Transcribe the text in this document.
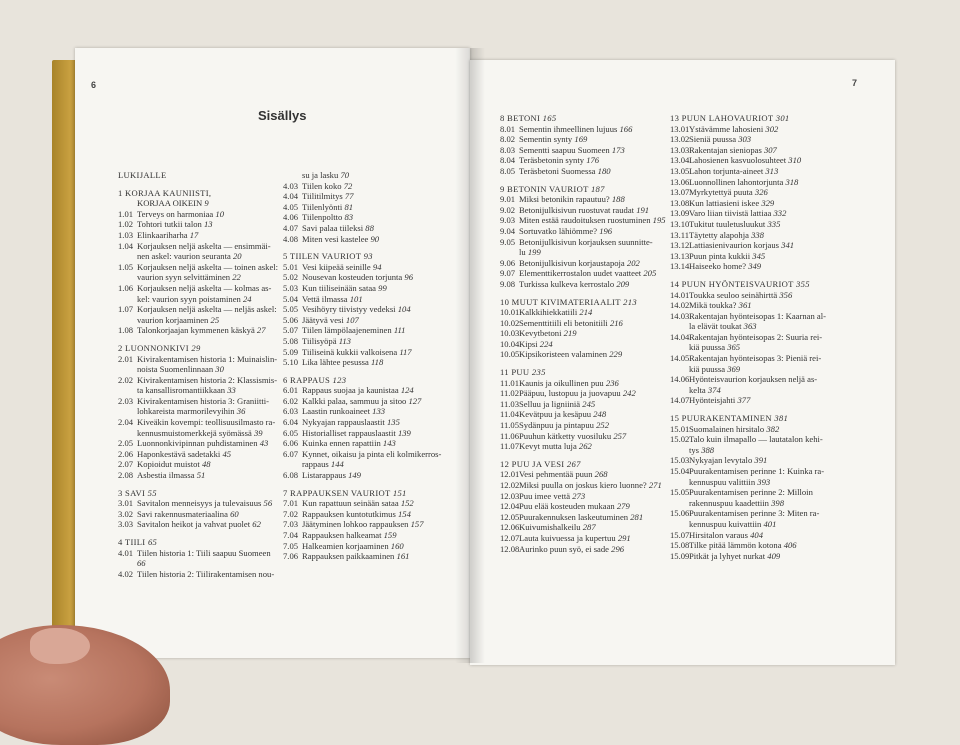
6	7
Sisällys
LUKIJALLE
1 KORJAA KAUNIISTI,
KORJAA OIKEIN 9
1.01 Terveys on harmoniaa 10
1.02 Tohtori tutkii talon 13
1.03 Elinkaariharha 17
1.04 Korjauksen neljä askelta — ensimmäi-
nen askel: vaurion seuranta 20
1.05 Korjauksen neljä askelta — toinen askel:
vaurion syyn selvittäminen 22
1.06 Korjauksen neljä askelta — kolmas as-
kel: vaurion syyn poistaminen 24
1.07 Korjauksen neljä askelta — neljäs askel:
vaurion korjaaminen 25
1.08 Talonkorjaajan kymmenen käskyä 27
2 LUONNONKIVI 29
2.01 Kivirakentamisen historia 1: Muinaislin-
noista Suomenlinnaan 30
2.02 Kivirakentamisen historia 2: Klassismis-
ta kansallisromantiikkaan 33
2.03 Kivirakentamisen historia 3: Graniitti-
lohkareista marmorilevyihin 36
2.04 Kiveäkin kovempi: teollisuusilmasto ra-
kennusmuistomerkkejä syömässä 39
2.05 Luonnonkivipinnan puhdistaminen 43
2.06 Haponkestävä sadetakki 45
2.07 Kopioidut muistot 48
2.08 Asbestia ilmassa 51
3 SAVI 55
3.01 Savitalon menneisyys ja tulevaisuus 56
3.02 Savi rakennusmateriaalina 60
3.03 Savitalon heikot ja vahvat puolet 62
4 TIILI 65
4.01 Tiilen historia 1: Tiili saapuu Suomeen 66
4.02 Tiilen historia 2: Tiilirakentamisen nou-
su ja lasku 70
4.03 Tiilen koko 72
4.04 Tiilitilmitys 77
4.05 Tiilenlyönti 81
4.06 Tiilenpoltto 83
4.07 Savi palaa tiileksi 88
4.08 Miten vesi kastelee 90
5 TIILEN VAURIOT 93
5.01 Vesi kiipeää seinille 94
5.02 Nousevan kosteuden torjunta 96
5.03 Kun tiiliseinään sataa 99
5.04 Vettä ilmassa 101
5.05 Vesihöyry tiivistyy vedeksi 104
5.06 Jäätyvä vesi 107
5.07 Tiilen lämpölaajeneminen 111
5.08 Tiilisyöpä 113
5.09 Tiiliseinä kukkii valkoisena 117
5.10 Lika lähtee pesussa 118
6 RAPPAUS 123
6.01 Rappaus suojaa ja kaunistaa 124
6.02 Kalkki palaa, sammuu ja sitoo 127
6.03 Laastin runkoaineet 133
6.04 Nykyajan rappauslaastit 135
6.05 Historialliset rappauslaastit 139
6.06 Kuinka ennen rapattiin 143
6.07 Kynnet, oikaisu ja pinta eli kolmikerros-
rappaus 144
6.08 Listarappaus 149
7 RAPPAUKSEN VAURIOT 151
7.01 Kun rapattuun seinään sataa 152
7.02 Rappauksen kuntotutkimus 154
7.03 Jäätyminen lohkoo rappauksen 157
7.04 Rappauksen halkeamat 159
7.05 Halkeamien korjaaminen 160
7.06 Rappauksen paikkaaminen 161
8 BETONI 165
8.01 Sementin ihmeellinen lujuus 166
8.02 Sementin synty 169
8.03 Sementti saapuu Suomeen 173
8.04 Teräsbetonin synty 176
8.05 Teräsbetoni Suomessa 180
9 BETONIN VAURIOT 187
9.01 Miksi betonikin rapautuu? 188
9.02 Betonijulkisivun ruostuvat raudat 191
9.03 Miten estää raudoituksen ruostuminen 195
9.04 Sortuvatko lähiömme? 196
9.05 Betonijulkisivun korjauksen suunnitte-
lu 199
9.06 Betonijulkisivun korjaustapoja 202
9.07 Elementtikerrostalon uudet vaatteet 205
9.08 Turkissa kulkeva kerrostalo 209
10 MUUT KIVIMATERIAALIT 213
10.01 Kalkkihiekkatiili 214
10.02 Sementtitiili eli betonitiili 216
10.03 Kevytbetoni 219
10.04 Kipsi 224
10.05 Kipsikoristeen valaminen 229
11 PUU 235
11.01 Kaunis ja oikullinen puu 236
11.02 Pääpuu, lustopuu ja juovapuu 242
11.03 Selluu ja ligniiniä 245
11.04 Kevätpuu ja kesäpuu 248
11.05 Sydänpuu ja pintapuu 252
11.06 Puuhun kätketty vuosiluku 257
11.07 Kevyt mutta luja 262
12 PUU JA VESI 267
12.01 Vesi pehmentää puun 268
12.02 Miksi puulla on joskus kiero luonne? 271
12.03 Puu imee vettä 273
12.04 Puu elää kosteuden mukaan 279
12.05 Puurakennuksen laskeutuminen 281
12.06 Kuivumishalkeilu 287
12.07 Lauta kuivuessa ja kupertuu 291
12.08 Aurinko puun syö, ei sade 296
13 PUUN LAHOVAURIOT 301
13.01 Ystävämme lahosieni 302
13.02 Sieniä puussa 303
13.03 Rakentajan sieniopas 307
13.04 Lahosienen kasvuolosuhteet 310
13.05 Lahon torjunta-aineet 313
13.06 Luonnollinen lahontorjunta 318
13.07 Myrkytettyä puuta 326
13.08 Kun lattiasieni iskee 329
13.09 Varo liian tiivistä lattiaa 332
13.10 Tukitut tuuletusluukut 335
13.11 Täytetty alapohja 338
13.12 Lattiasienivaurion korjaus 341
13.13 Puun pinta kukkii 345
13.14 Haiseeko home? 349
14 PUUN HYÖNTEISVAURIOT 355
14.01 Toukka seuloo seinähirttä 356
14.02 Mikä toukka? 361
14.03 Rakentajan hyönteisopas 1: Kaarnan al-
la elävät toukat 363
14.04 Rakentajan hyönteisopas 2: Suuria rei-
kiä puussa 365
14.05 Rakentajan hyönteisopas 3: Pieniä rei-
kiä puussa 369
14.06 Hyönteisvaurion korjauksen neljä as-
kelta 374
14.07 Hyönteisjahti 377
15 PUURAKENTAMINEN 381
15.01 Suomalainen hirsitalo 382
15.02 Talo kuin ilmapallo — lautatalon kehi-
tys 388
15.03 Nykyajan levytalo 391
15.04 Puurakentamisen perinne 1: Kuinka ra-
kennuspuu valittiin 393
15.05 Puurakentamisen perinne 2: Milloin
rakennuspuu kaadettiin 398
15.06 Puurakentamisen perinne 3: Miten ra-
kennuspuu kuivattiin 401
15.07 Hirsitalon varaus 404
15.08 Tilke pitää lämmön kotona 406
15.09 Pitkät ja lyhyet nurkat 409
